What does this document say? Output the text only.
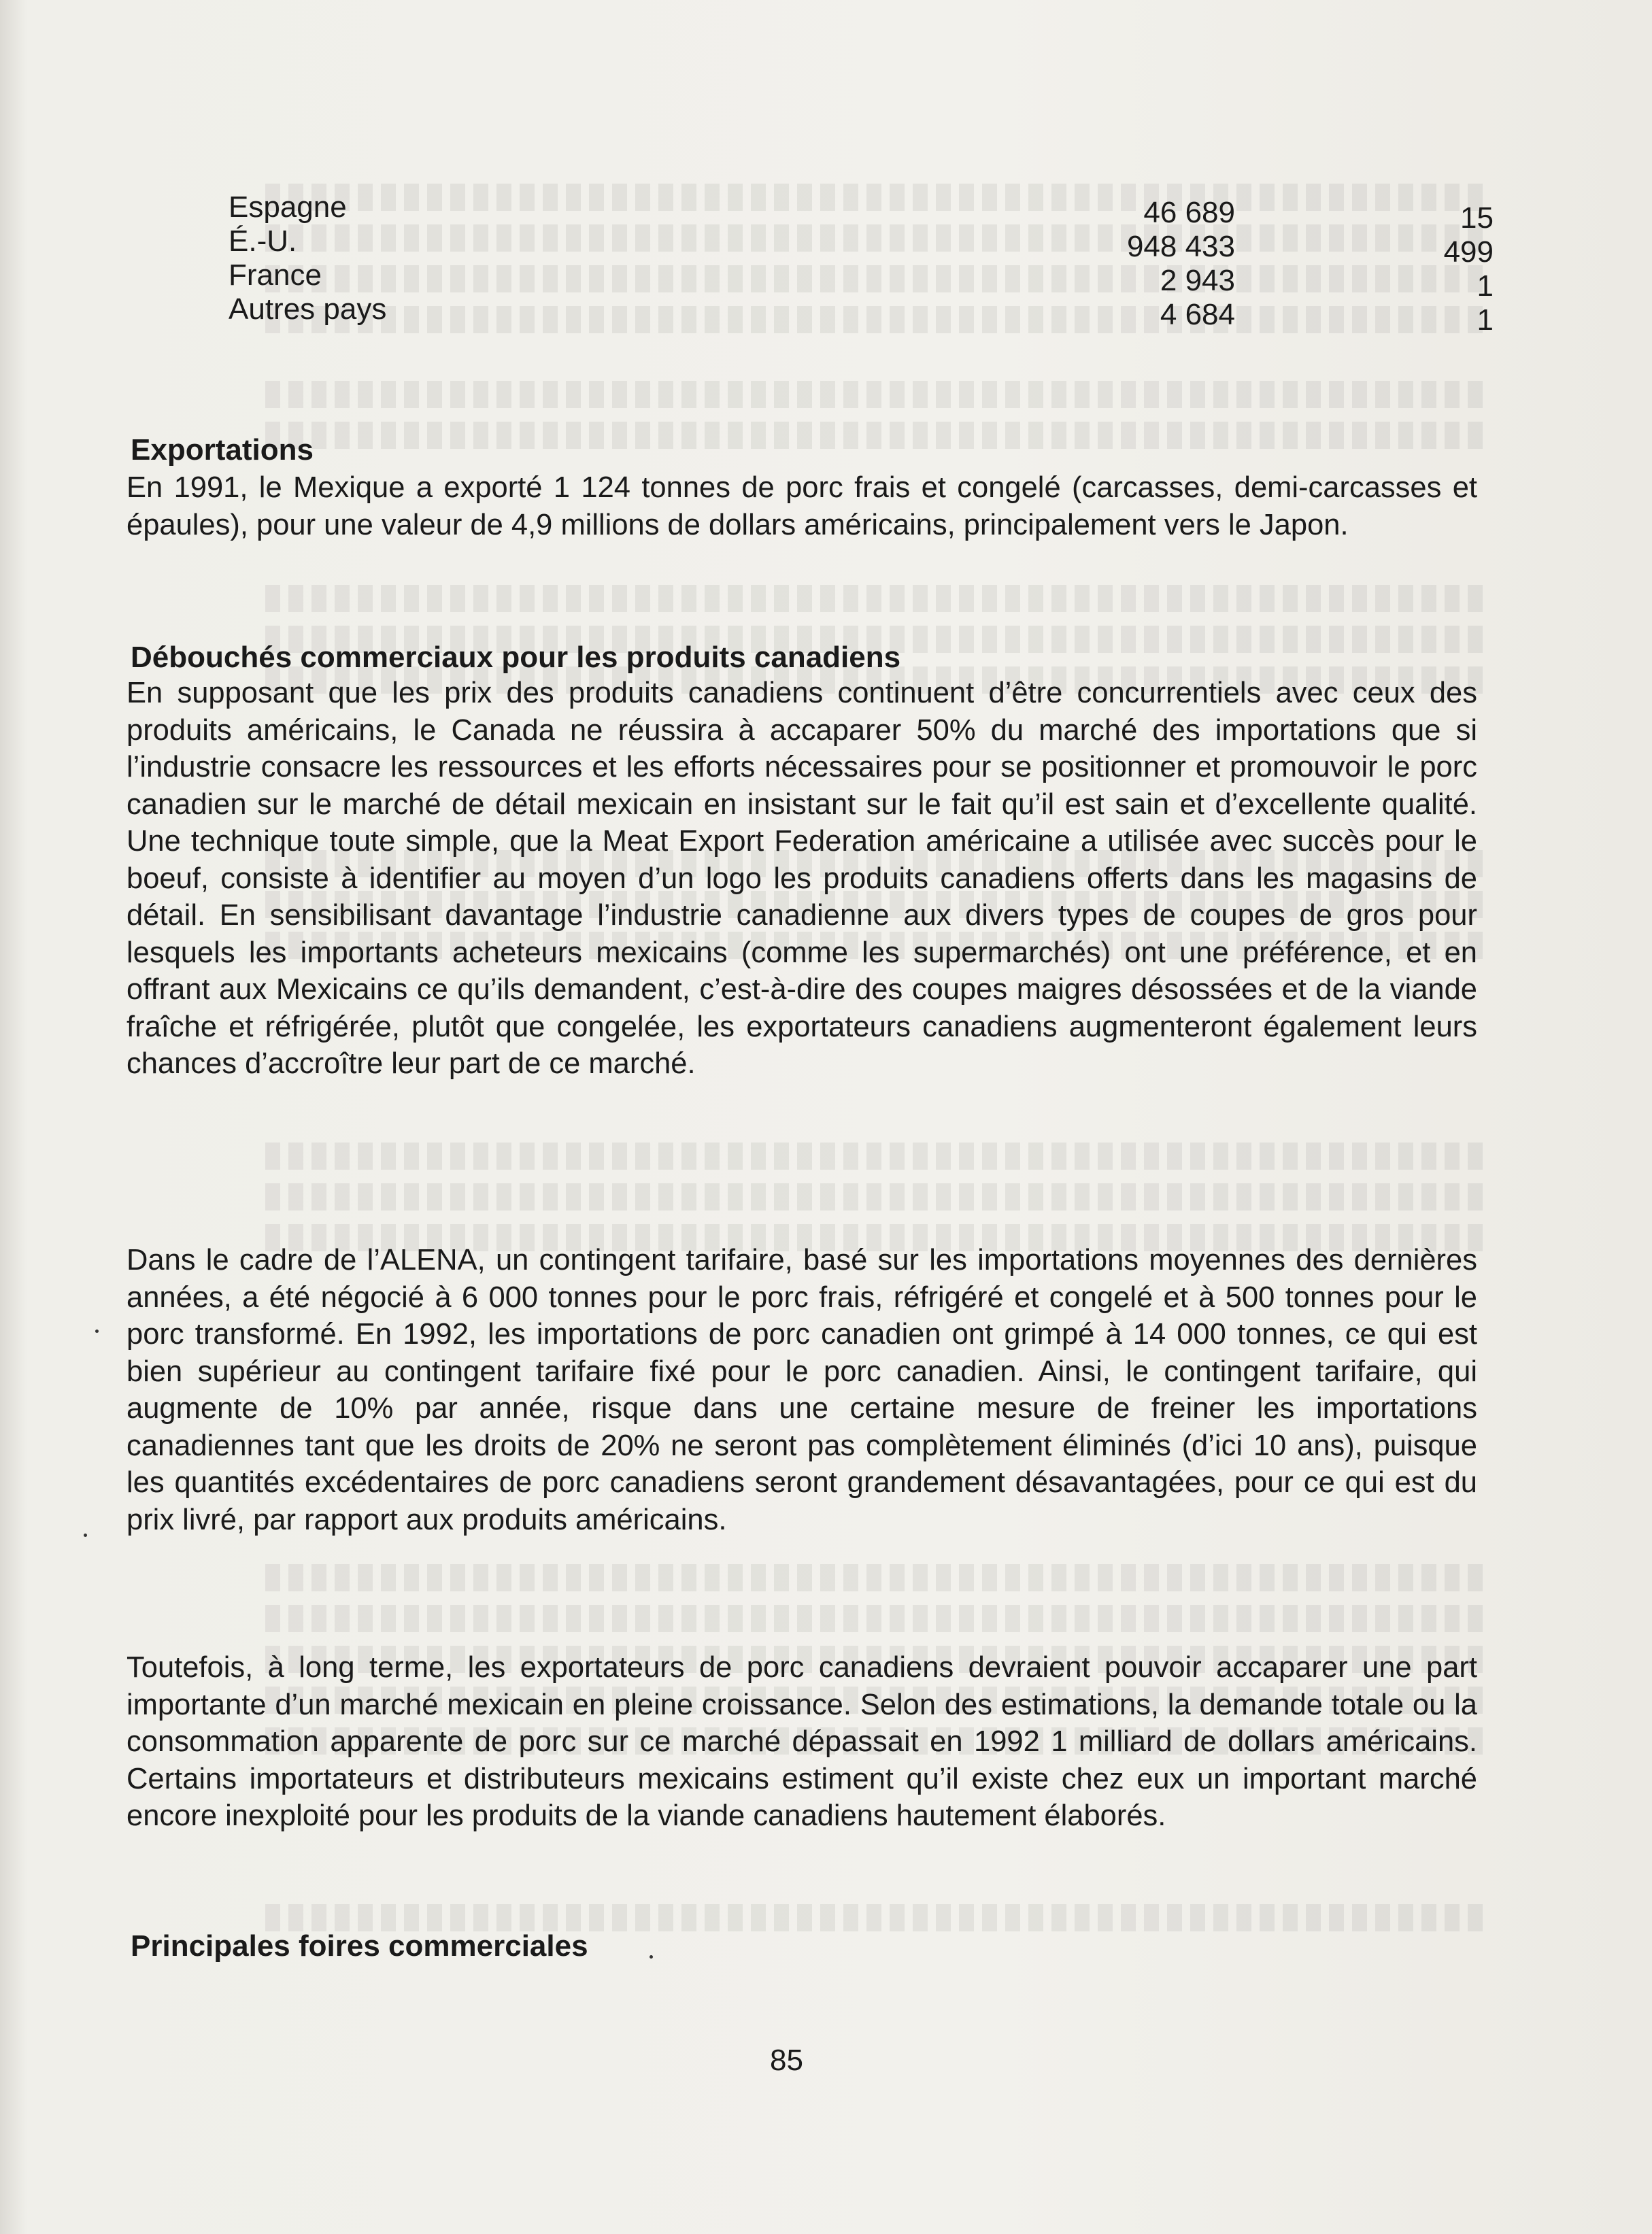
Espagne	46 689	15
É.-U.	948 433	499
France	2 943	1
Autres pays	4 684	1
Exportations

En 1991, le Mexique a exporté 1 124 tonnes de porc frais et congelé (carcasses, demi-carcasses et épaules), pour une valeur de 4,9 millions de dollars américains, principalement vers le Japon.

Débouchés commerciaux pour les produits canadiens

En supposant que les prix des produits canadiens continuent d’être concurrentiels avec ceux des produits américains, le Canada ne réussira à accaparer 50% du marché des importations que si l’industrie consacre les ressources et les efforts nécessaires pour se positionner et promouvoir le porc canadien sur le marché de détail mexicain en insistant sur le fait qu’il est sain et d’excellente qualité. Une technique toute simple, que la Meat Export Federation américaine a utilisée avec succès pour le boeuf, consiste à identifier au moyen d’un logo les produits canadiens offerts dans les magasins de détail. En sensibilisant davantage l’industrie canadienne aux divers types de coupes de gros pour lesquels les importants acheteurs mexicains (comme les supermarchés) ont une préférence, et en offrant aux Mexicains ce qu’ils demandent, c’est-à-dire des coupes maigres désossées et de la viande fraîche et réfrigérée, plutôt que congelée, les exportateurs canadiens augmenteront également leurs chances d’accroître leur part de ce marché.

Dans le cadre de l’ALENA, un contingent tarifaire, basé sur les importations moyennes des dernières années, a été négocié à 6 000 tonnes pour le porc frais, réfrigéré et congelé et à 500 tonnes pour le porc transformé. En 1992, les importations de porc canadien ont grimpé à 14 000 tonnes, ce qui est bien supérieur au contingent tarifaire fixé pour le porc canadien. Ainsi, le contingent tarifaire, qui augmente de 10% par année, risque dans une certaine mesure de freiner les importations canadiennes tant que les droits de 20% ne seront pas complètement éliminés (d’ici 10 ans), puisque les quantités excédentaires de porc canadiens seront grandement désavantagées, pour ce qui est du prix livré, par rapport aux produits américains.

Toutefois, à long terme, les exportateurs de porc canadiens devraient pouvoir accaparer une part importante d’un marché mexicain en pleine croissance. Selon des estimations, la demande totale ou la consommation apparente de porc sur ce marché dépassait en 1992 1 milliard de dollars américains. Certains importateurs et distributeurs mexicains estiment qu’il existe chez eux un important marché encore inexploité pour les produits de la viande canadiens hautement élaborés.

Principales foires commerciales
85
